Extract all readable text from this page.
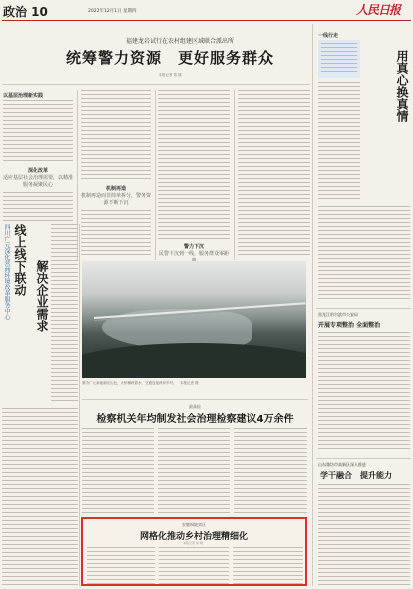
政治 10	2022年12月1日 星期四	人民日报
福建龙岩试行在农村组建区域联合派出所
统筹警力资源　更好服务群众
本报记者 郑 娜
以基层治理新实践
深化改革
适应基层社会治理需要，以精准服务凝聚民心
机制再造
机制再造而非简单拆分，警务资源不断下沉
警力下沉
民警下沉到一线，服务群众零距
四川广元深化营商环境改革服务中心 线上线下联动 解决企业需求
图为广元某地湖光山色，大桥横跨碧水，交通连接两岸乡村。　本报记者 摄
最高检
检察机关年均制发社会治理检察建议4万余件
安徽铜陵郊区
网格化推动乡村治理精细化
本报记者 徐 靖
一线行走
用真心换真情
黑龙江哈尔滨市公安局
开展专项整治 全面整治
山东潍坊市高新区深入推进
学干融合　提升能力
